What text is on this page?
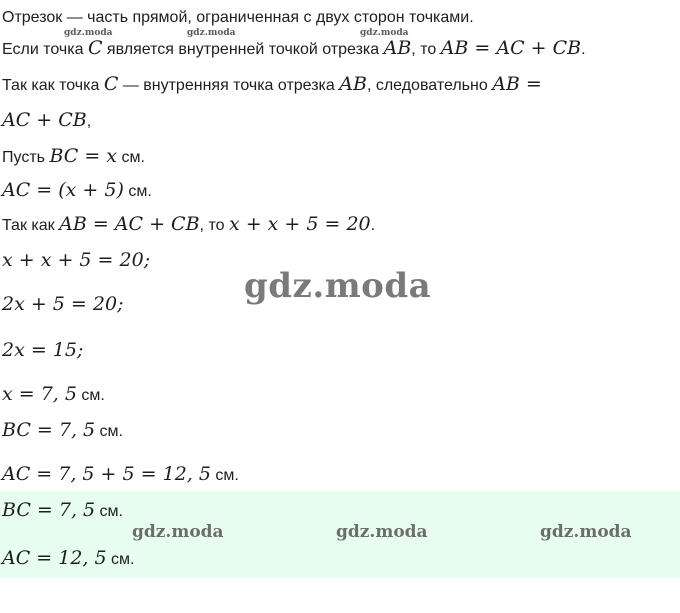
Отрезок — часть прямой, ограниченная с двух сторон точками.
Если точка C является внутренней точкой отрезка AB, то AB = AC + CB.
Так как точка C — внутренняя точка отрезка AB, следовательно AB =
AC + CB,
Пусть BC = x см.
AC = (x + 5) см.
Так как AB = AC + CB, то x + x + 5 = 20.
x + x + 5 = 20;
2x + 5 = 20;
2x = 15;
x = 7, 5 см.
BC = 7, 5 см.
AC = 7, 5 + 5 = 12, 5 см.
BC = 7, 5 см.
AC = 12, 5 см.
gdz.moda	gdz.moda	gdz.moda
gdz.moda
gdz.moda	gdz.moda	gdz.moda
